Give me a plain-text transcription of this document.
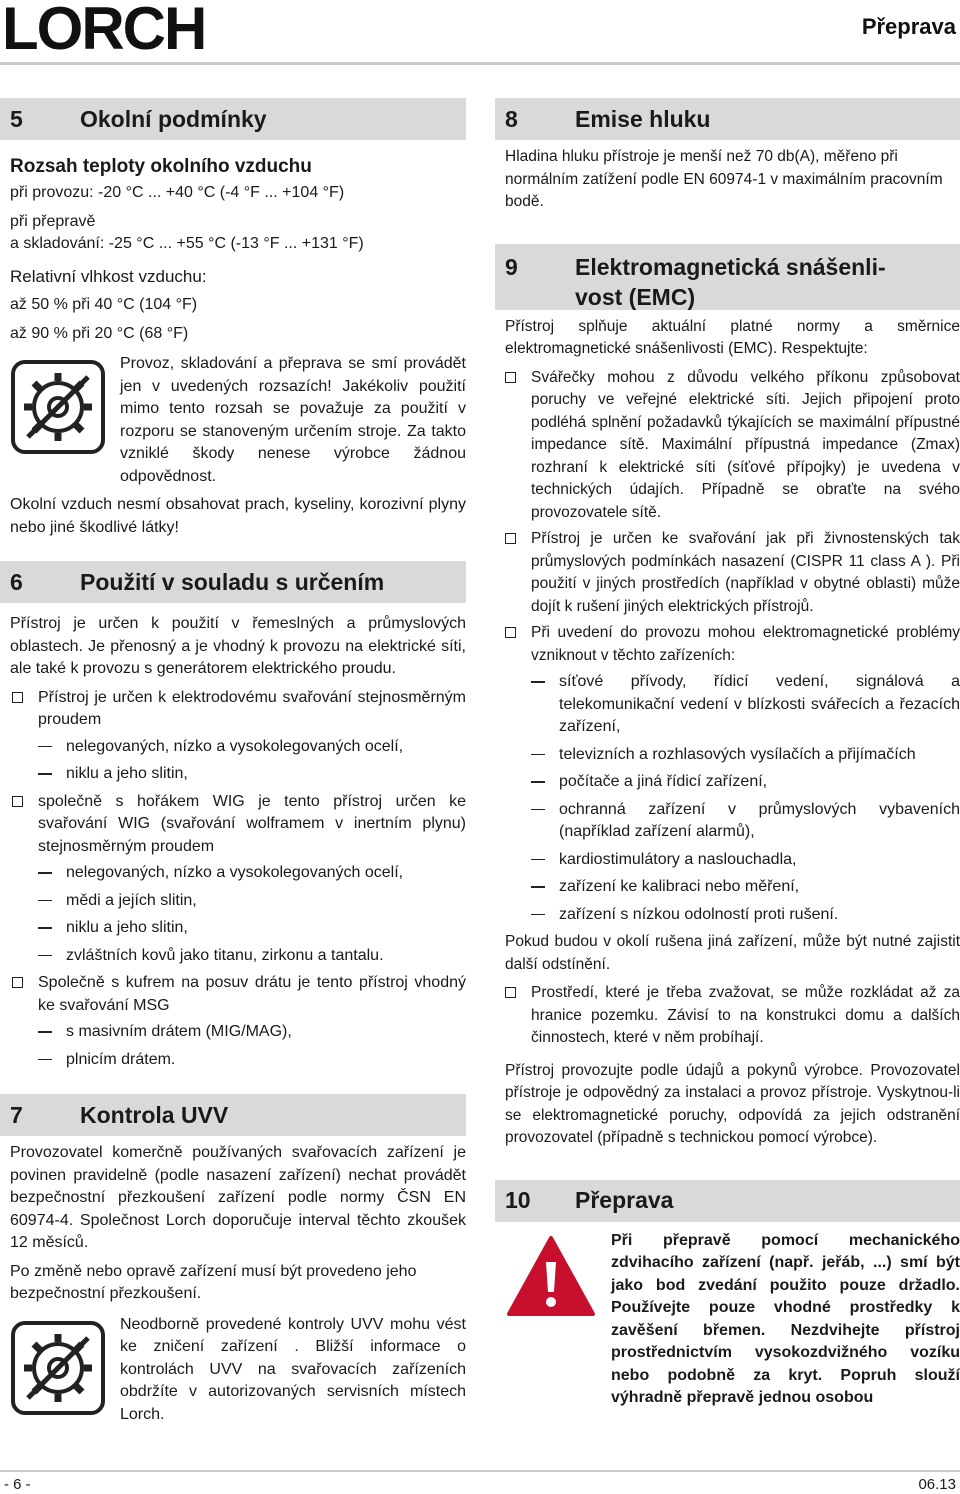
LORCH	Přeprava
5	Okolní podmínky
Rozsah teploty okolního vzduchu

při provozu: -20 °C ... +40 °C (-4 °F ... +104 °F)

při přepravě

a skladování: -25 °C ... +55 °C (-13 °F ... +131 °F)

Relativní vlhkost vzduchu:

až 50 % při 40 °C (104 °F)

až 90 % při 20 °C (68 °F)

Provoz, skladování a přeprava se smí provádět jen v uvedených rozsazích! Jakékoliv použití mimo tento rozsah se považuje za použití v rozporu se stanoveným určením stroje. Za takto vzniklé škody nenese výrobce žádnou odpovědnost.

Okolní vzduch nesmí obsahovat prach, kyseliny, korozivní plyny nebo jiné škodlivé látky!

6	Použití v souladu s určením

Přístroj je určen k použití v řemeslných a průmyslových oblastech. Je přenosný a je vhodný k provozu na elektrické síti, ale také k provozu s generátorem elektrického proudu.

Přístroj je určen k elektrodovému svařování stejnosměrným proudem
nelegovaných, nízko a vysokolegovaných ocelí,
niklu a jeho slitin,
společně s hořákem WIG je tento přístroj určen ke svařování WIG (svařování wolframem v inertním plynu) stejnosměrným proudem
nelegovaných, nízko a vysokolegovaných ocelí,
mědi a jejích slitin,
niklu a jeho slitin,
zvláštních kovů jako titanu, zirkonu a tantalu.
Společně s kufrem na posuv drátu je tento přístroj vhodný ke svařování MSG
s masivním drátem (MIG/MAG),
plnicím drátem.
7	Kontrola UVV

Provozovatel komerčně používaných svařovacích zařízení je povinen pravidelně (podle nasazení zařízení) nechat provádět bezpečnostní přezkoušení zařízení podle normy ČSN EN 60974-4. Společnost Lorch doporučuje interval těchto zkoušek 12 měsíců.

Po změně nebo opravě zařízení musí být provedeno jeho bezpečnostní přezkoušení.

Neodborně provedené kontroly UVV mohu vést ke zničení zařízení . Bližší informace o kontrolách UVV na svařovacích zařízeních obdržíte v autorizovaných servisních místech Lorch.

8	Emise hluku

Hladina hluku přístroje je menší než 70 db(A), měřeno při normálním zatížení podle EN 60974-1 v maximálním pracovním bodě.

9	Elektromagnetická snášenli-
vost (EMC)

Přístroj splňuje aktuální platné normy a směrnice elektromagnetické snášenlivosti (EMC). Respektujte:

Svářečky mohou z důvodu velkého příkonu způsobovat poruchy ve veřejné elektrické síti. Jejich připojení proto podléhá splnění požadavků týkajících se maximální přípustné impedance sítě. Maximální přípustná impedance (Zmax) rozhraní k elektrické síti (síťové přípojky) je uvedena v technických údajích. Případně se obraťte na svého provozovatele sítě.
Přístroj je určen ke svařování jak při živnostenských tak průmyslových podmínkách nasazení (CISPR 11 class A ). Při použití v jiných prostředích (například v obytné oblasti) může dojít k rušení jiných elektrických přístrojů.
Při uvedení do provozu mohou elektromagnetické problémy vzniknout v těchto zařízeních:
síťové přívody, řídicí vedení, signálová a telekomunikační vedení v blízkosti svářecích a řezacích zařízení,
televizních a rozhlasových vysílačích a přijímačích
počítače a jiná řídicí zařízení,
ochranná zařízení v průmyslových vybaveních (například zařízení alarmů),
kardiostimulátory a naslouchadla,
zařízení ke kalibraci nebo měření,
zařízení s nízkou odolností proti rušení.

Pokud budou v okolí rušena jiná zařízení, může být nutné zajistit další odstínění.

Prostředí, které je třeba zvažovat, se může rozkládat až za hranice pozemku. Závisí to na konstrukci domu a dalších činnostech, které v něm probíhají.

Přístroj provozujte podle údajů a pokynů výrobce. Provozovatel přístroje je odpovědný za instalaci a provoz přístroje. Vyskytnou-li se elektromagnetické poruchy, odpovídá za jejich odstranění provozovatel (případně s technickou pomocí výrobce).

10	Přeprava

Při přepravě pomocí mechanického zdvihacího zařízení (např. jeřáb, ...) smí být jako bod zvedání použito pouze držadlo. Používejte pouze vhodné prostředky k zavěšení břemen. Nezdvihejte přístroj prostřednictvím vysokozdvižného vozíku nebo podobně za kryt. Popruh slouží výhradně přepravě jednou osobou

- 6 -	06.13
